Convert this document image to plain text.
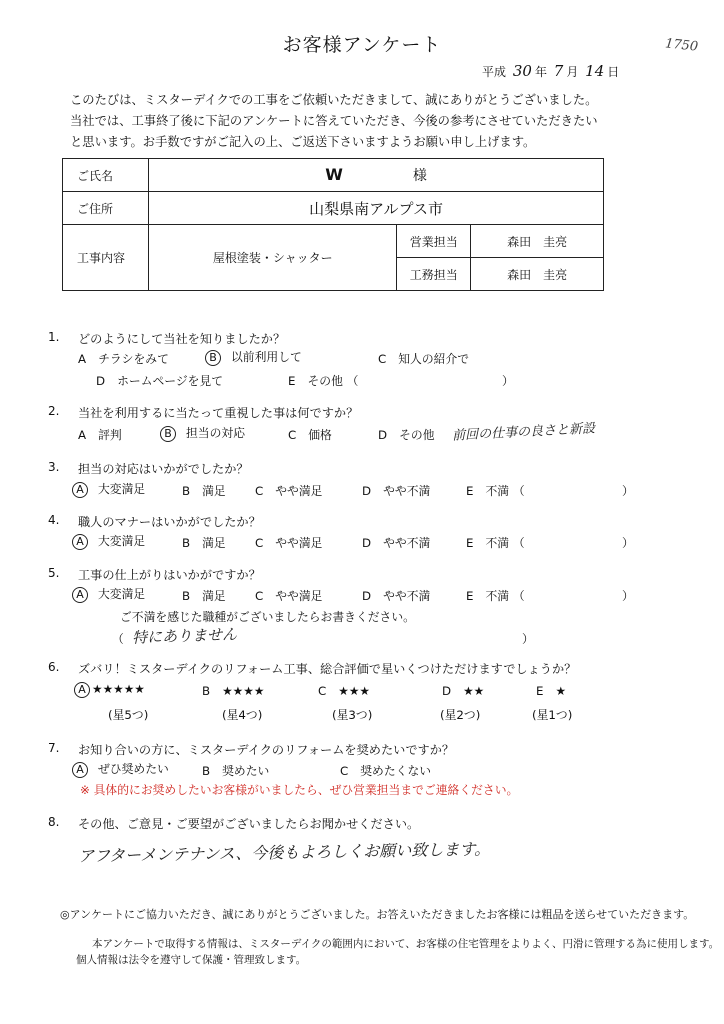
お客様アンケート	1750
平成 30 年 7 月 14 日
このたびは、ミスターデイクでの工事をご依頼いただきまして、誠にありがとうございました。
当社では、工事終了後に下記のアンケートに答えていただき、今後の参考にさせていただきたい
と思います。お手数ですがご記入の上、ご返送下さいますようお願い申し上げます。
ご氏名	W 様		
ご住所	山梨県南アルプス市		
工事内容	屋根塗装・シャッター	営業担当	森田　圭亮
		工務担当	森田　圭亮
1. どのようにして当社を知りましたか？
A チラシをみて	B 以前利用して	C 知人の紹介で
D ホームページを見て	E その他 （	）
2. 当社を利用するに当たって重視した事は何ですか？
A 評判	B 担当の対応	C 価格	D その他 前回の仕事の良さと新設
3. 担当の対応はいかがでしたか？
A 大変満足	B 満足 C やや満足	D やや不満	E 不満 （	）
4. 職人のマナーはいかがでしたか？
A 大変満足	B 満足 C やや満足	D やや不満	E 不満 （	）
5. 工事の仕上がりはいかがですか？
A 大変満足	B 満足 C やや満足	D やや不満	E 不満 （	）
ご不満を感じた職種がございましたらお書きください。
（ 特にありません	）
6. ズバリ！ミスターデイクのリフォーム工事、総合評価で星いくつけただけますでしょうか？
A ★★★★★
(星5つ)
B ★★★★
(星4つ)
C ★★★
(星3つ)
D ★★
(星2つ)
E ★
(星1つ)
7. お知り合いの方に、ミスターデイクのリフォームを奨めたいですか？
A ぜひ奨めたい	B 奨めたい	C 奨めたくない
※ 具体的にお奨めしたいお客様がいましたら、ぜひ営業担当までご連絡ください。
8. その他、ご意見・ご要望がございましたらお聞かせください。
アフターメンテナンス、今後もよろしくお願い致します。
◎アンケートにご協力いただき、誠にありがとうございました。お答えいただきましたお客様には粗品を送らせていただきます。
本アンケートで取得する情報は、ミスターデイクの範囲内において、お客様の住宅管理をよりよく、円滑に管理する為に使用します。
個人情報は法令を遵守して保護・管理致します。
